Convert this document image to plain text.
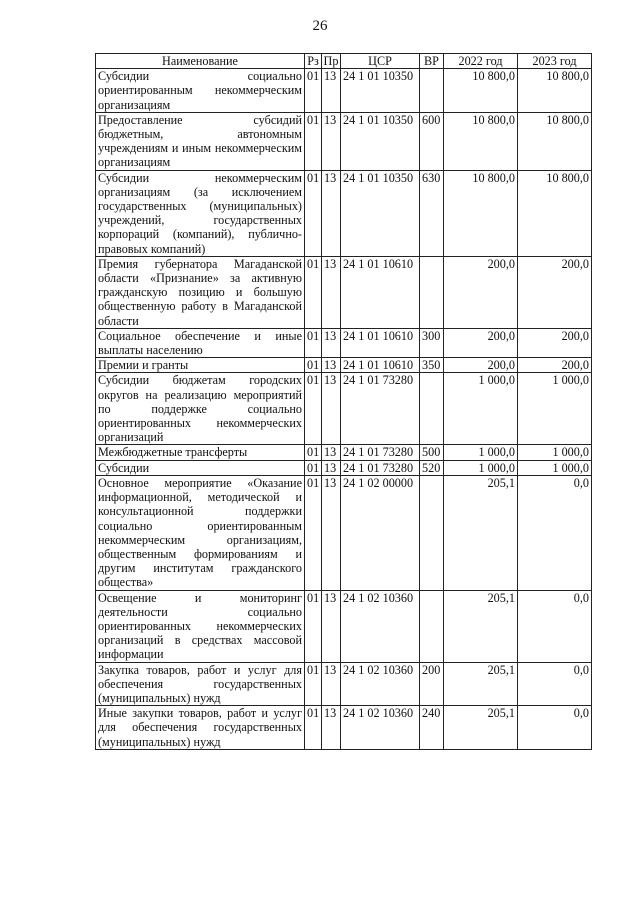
26
Наименование	Рз	Пр	ЦСР	ВР	2022 год	2023 год
Субсидии социально ориентированным некоммерческим организациям	01	13	24 1 01 10350		10 800,0	10 800,0
Предоставление субсидий бюджетным, автономным учреждениям и иным некоммерческим организациям	01	13	24 1 01 10350	600	10 800,0	10 800,0
Субсидии некоммерческим организациям (за исключением государственных (муниципальных) учреждений, государственных корпораций (компаний), публично-правовых компаний)	01	13	24 1 01 10350	630	10 800,0	10 800,0
Премия губернатора Магаданской области «Признание» за активную гражданскую позицию и большую общественную работу в Магаданской области	01	13	24 1 01 10610		200,0	200,0
Социальное обеспечение и иные выплаты населению	01	13	24 1 01 10610	300	200,0	200,0
Премии и гранты	01	13	24 1 01 10610	350	200,0	200,0
Субсидии бюджетам городских округов на реализацию мероприятий по поддержке социально ориентированных некоммерческих организаций	01	13	24 1 01 73280		1 000,0	1 000,0
Межбюджетные трансферты	01	13	24 1 01 73280	500	1 000,0	1 000,0
Субсидии	01	13	24 1 01 73280	520	1 000,0	1 000,0
Основное мероприятие «Оказание информационной, методической и консультационной поддержки социально ориентированным некоммерческим организациям, общественным формированиям и другим институтам гражданского общества»	01	13	24 1 02 00000		205,1	0,0
Освещение и мониторинг деятельности социально ориентированных некоммерческих организаций в средствах массовой информации	01	13	24 1 02 10360		205,1	0,0
Закупка товаров, работ и услуг для обеспечения государственных (муниципальных) нужд	01	13	24 1 02 10360	200	205,1	0,0
Иные закупки товаров, работ и услуг для обеспечения государственных (муниципальных) нужд	01	13	24 1 02 10360	240	205,1	0,0
